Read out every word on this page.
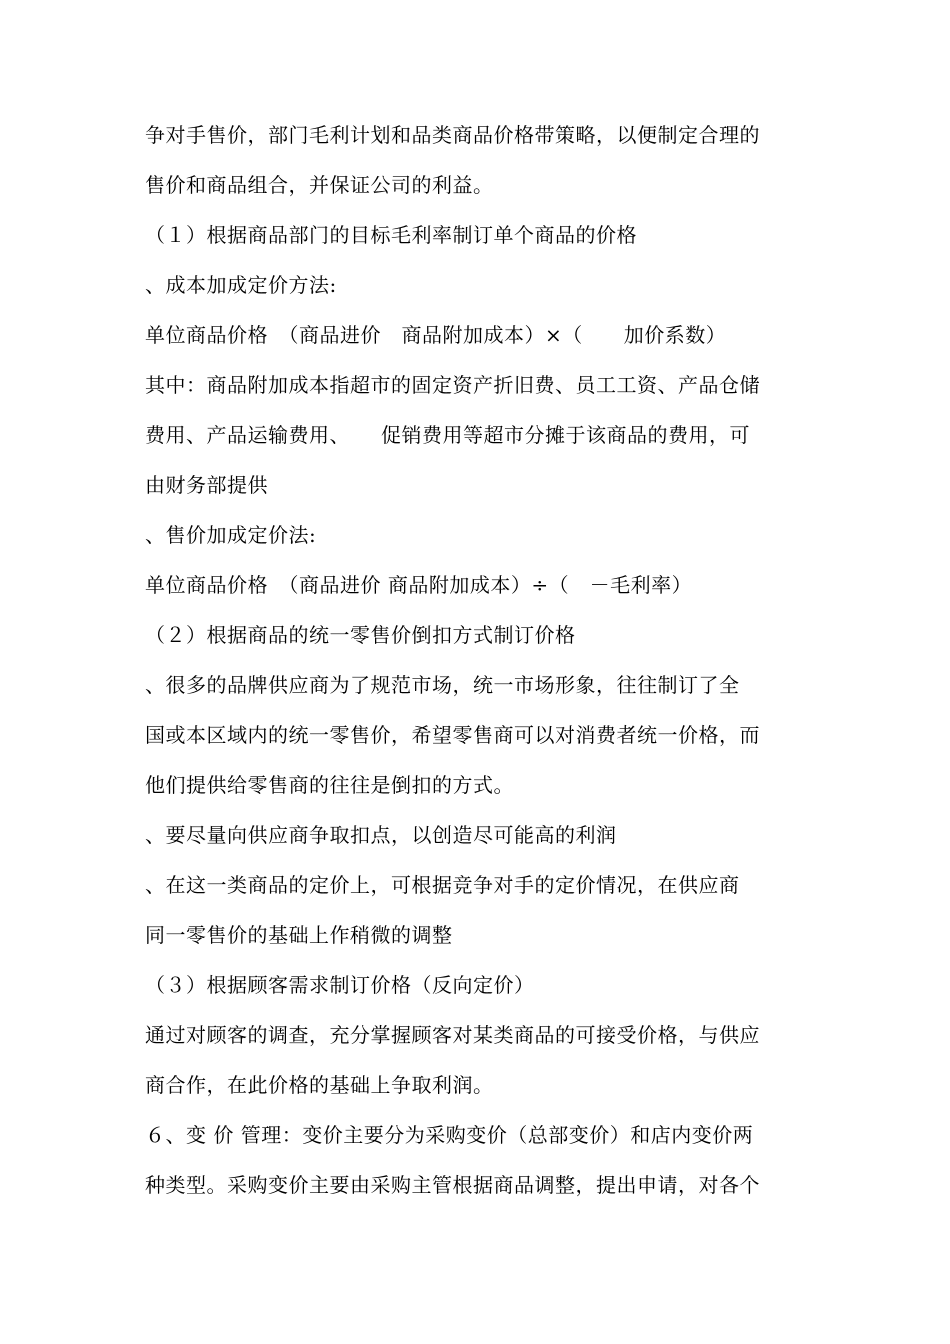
争对手售价，部门毛利计划和品类商品价格带策略，以便制定合理的
售价和商品组合，并保证公司的利益。
（１）根据商品部门的目标毛利率制订单个商品的价格
、成本加成定价方法:
单位商品价格　（商品进价　商品附加成本）×（　　加价系数）
其中：商品附加成本指超市的固定资产折旧费、员工工资、产品仓储
费用、产品运输费用、　　促销费用等超市分摊于该商品的费用，可
由财务部提供
、售价加成定价法:
单位商品价格　（商品进价 商品附加成本）÷（　－毛利率）
（２）根据商品的统一零售价倒扣方式制订价格
、很多的品牌供应商为了规范市场，统一市场形象，往往制订了全
国或本区域内的统一零售价，希望零售商可以对消费者统一价格，而
他们提供给零售商的往往是倒扣的方式。
、要尽量向供应商争取扣点，以创造尽可能高的利润
、在这一类商品的定价上，可根据竞争对手的定价情况，在供应商
同一零售价的基础上作稍微的调整
（３）根据顾客需求制订价格（反向定价）
通过对顾客的调查，充分掌握顾客对某类商品的可接受价格，与供应
商合作，在此价格的基础上争取利润。
６、变 价 管理：变价主要分为采购变价（总部变价）和店内变价两
种类型。采购变价主要由采购主管根据商品调整，提出申请，对各个
